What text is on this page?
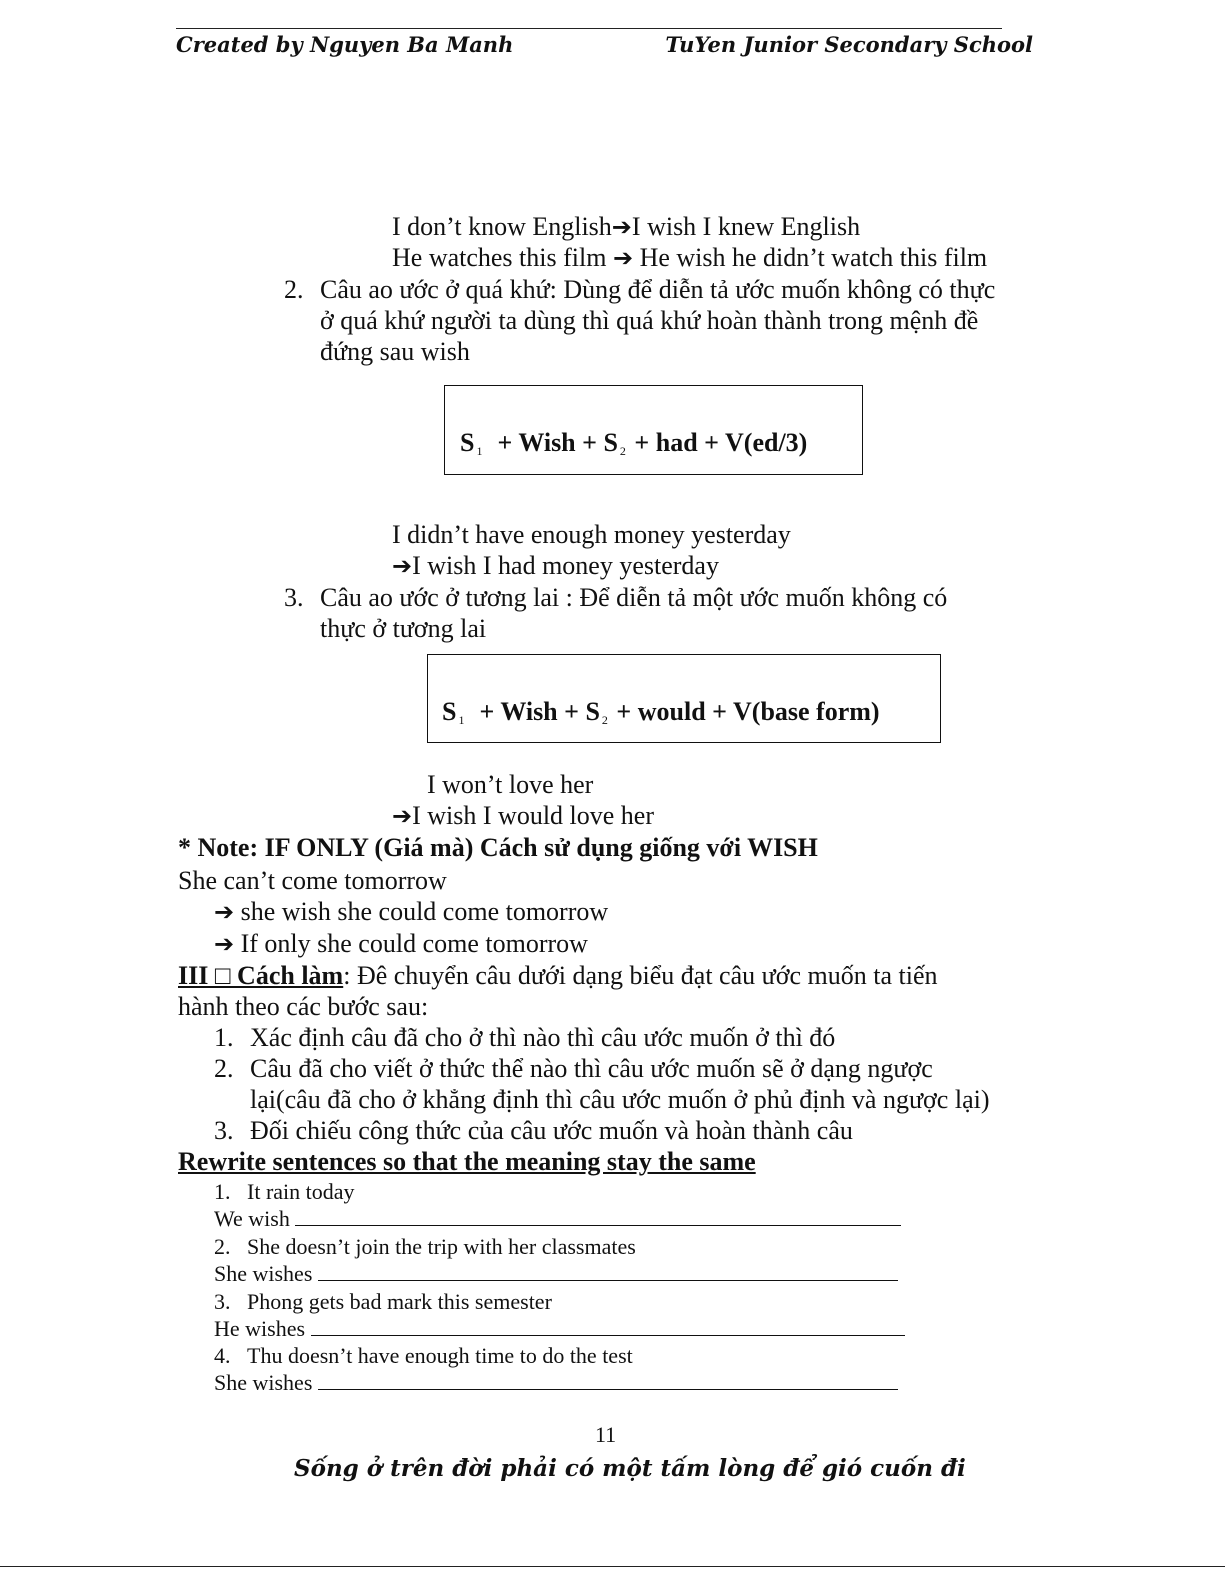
Created by Nguyen Ba Manh	TuYen Junior Secondary School
I don’t know English➔I wish I knew English
He watches this film ➔ He wish he didn’t watch this film
2. Câu ao ước ở quá khứ: Dùng để diễn tả ước muốn không có thực
ở quá khứ người ta dùng thì quá khứ hoàn thành trong mệnh đề
đứng sau wish
S $_1$ + Wish + S $_2$ + had + V(ed/3)
I didn’t have enough money yesterday
➔I wish I had money yesterday
3. Câu ao ước ở tương lai : Để diễn tả một ước muốn không có
thực ở tương lai
S $_1$ + Wish + S $_2$ + would + V(base form)
I won’t love her
➔I wish I would love her
* Note: IF ONLY (Giá mà) Cách sử dụng giống với WISH
She can’t come tomorrow
➔ she wish she could come tomorrow
➔ If only she could come tomorrow
III □ Cách làm: Đê chuyển câu dưới dạng biểu đạt câu ước muốn ta tiến
hành theo các bước sau:
1. Xác định câu đã cho ở thì nào thì câu ước muốn ở thì đó
2. Câu đã cho viết ở thức thể nào thì câu ước muốn sẽ ở dạng ngược
lại(câu đã cho ở khẳng định thì câu ước muốn ở phủ định và ngược lại)
3. Đối chiếu công thức của câu ước muốn và hoàn thành câu
Rewrite sentences so that the meaning stay the same
1. It rain today
We wish
2. She doesn’t join the trip with her classmates
She wishes
3. Phong gets bad mark this semester
He wishes
4. Thu doesn’t have enough time to do the test
She wishes
11
Sống ở trên đời phải có một tấm lòng để gió cuốn đi
